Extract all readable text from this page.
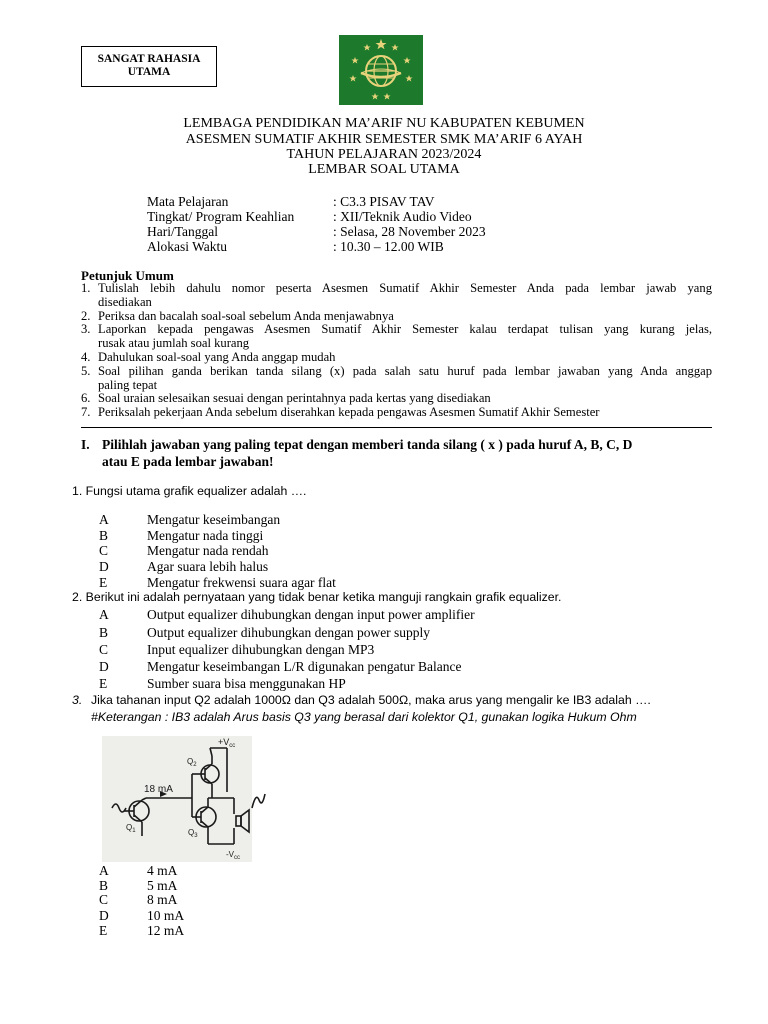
SANGAT RAHASIA
UTAMA
LEMBAGA PENDIDIKAN MA’ARIF NU KABUPATEN KEBUMEN
ASESMEN SUMATIF AKHIR SEMESTER SMK MA’ARIF 6 AYAH
TAHUN PELAJARAN 2023/2024
LEMBAR SOAL UTAMA
Mata Pelajaran	: C3.3 PISAV TAV
Tingkat/ Program Keahlian	: XII/Teknik Audio Video
Hari/Tanggal	: Selasa, 28 November 2023
Alokasi Waktu	: 10.30 – 12.00 WIB
Petunjuk Umum
1. Tulislah lebih dahulu nomor peserta Asesmen Sumatif Akhir Semester Anda pada lembar jawab yang
disediakan
2. Periksa dan bacalah soal-soal sebelum Anda menjawabnya
3. Laporkan kepada pengawas Asesmen Sumatif Akhir Semester kalau terdapat tulisan yang kurang jelas,
rusak atau jumlah soal kurang
4. Dahulukan soal-soal yang Anda anggap mudah
5. Soal pilihan ganda berikan tanda silang (x) pada salah satu huruf pada lembar jawaban yang Anda anggap
paling tepat
6. Soal uraian selesaikan sesuai dengan perintahnya pada kertas yang disediakan
7. Periksalah pekerjaan Anda sebelum diserahkan kepada pengawas Asesmen Sumatif Akhir Semester
I. Pilihlah jawaban yang paling tepat dengan memberi tanda silang ( x ) pada huruf A, B, C, D
atau E pada lembar jawaban!
1. Fungsi utama grafik equalizer adalah ….
A	Mengatur keseimbangan
B	Mengatur nada tinggi
C	Mengatur nada rendah
D	Agar suara lebih halus
E	Mengatur frekwensi suara agar flat
2. Berikut ini adalah pernyataan yang tidak benar ketika manguji rangkain grafik equalizer.
A	Output equalizer dihubungkan dengan input power amplifier
B	Output equalizer dihubungkan dengan power supply
C	Input equalizer dihubungkan dengan MP3
D	Mengatur keseimbangan L/R digunakan pengatur Balance
E	Sumber suara bisa menggunakan HP
3. Jika tahanan input Q2 adalah 1000Ω dan Q3 adalah 500Ω, maka arus yang mengalir ke IB3 adalah ….
#Keterangan : IB3 adalah Arus basis Q3 yang berasal dari kolektor Q1, gunakan logika Hukum Ohm
$+V_{cc}$
18 mA
$Q_2$
$Q_3$
$Q_1$
$-V_{cc}$
A	4 mA
B	5 mA
C	8 mA
D	10 mA
E	12 mA
